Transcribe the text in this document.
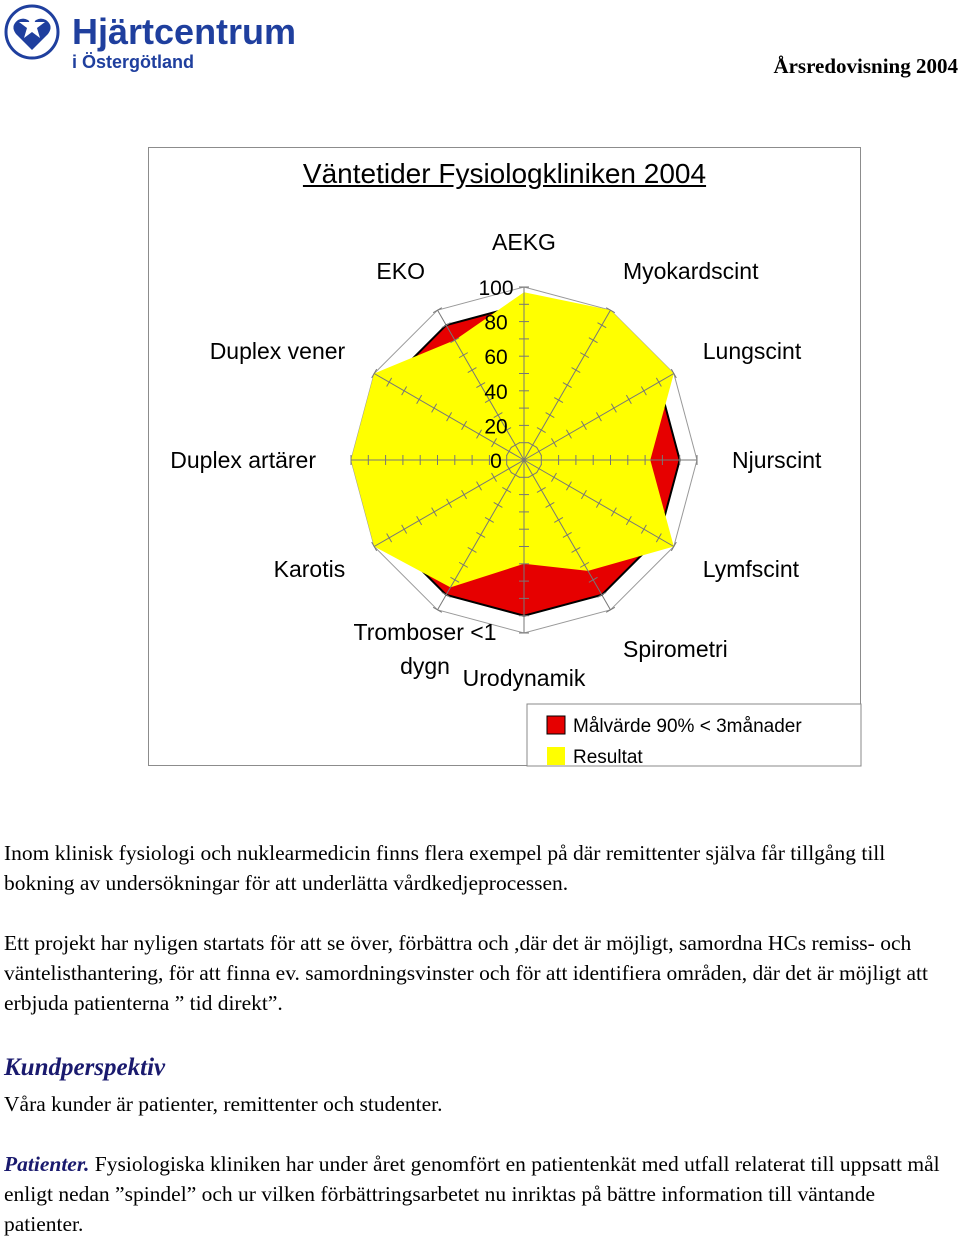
Hjärtcentrum
i Östergötland	Årsredovisning 2004
0
20
40
60
80
100
AEKG
Myokardscint
Lungscint
Njurscint
Lymfscint
Spirometri
Urodynamik
Tromboser <1
dygn
Karotis
Duplex artärer
Duplex vener
EKO
Målvärde 90% < 3månader
Resultat
Väntetider Fysiologkliniken 2004

Inom klinisk fysiologi och nuklearmedicin finns flera exempel på där remittenter själva får tillgång till bokning av undersökningar för att underlätta vårdkedjeprocessen.

Ett projekt har nyligen startats för att se över, förbättra och ,där det är möjligt, samordna HCs remiss- och väntelisthantering, för att finna ev. samordningsvinster och för att identifiera områden, där det är möjligt att erbjuda patienterna ” tid direkt”.

Kundperspektiv

Våra kunder är patienter, remittenter och studenter.

Patienter. Fysiologiska kliniken har under året genomfört en patientenkät med utfall relaterat till uppsatt mål enligt nedan ”spindel” och ur vilken förbättringsarbetet nu inriktas på bättre information till väntande patienter.
